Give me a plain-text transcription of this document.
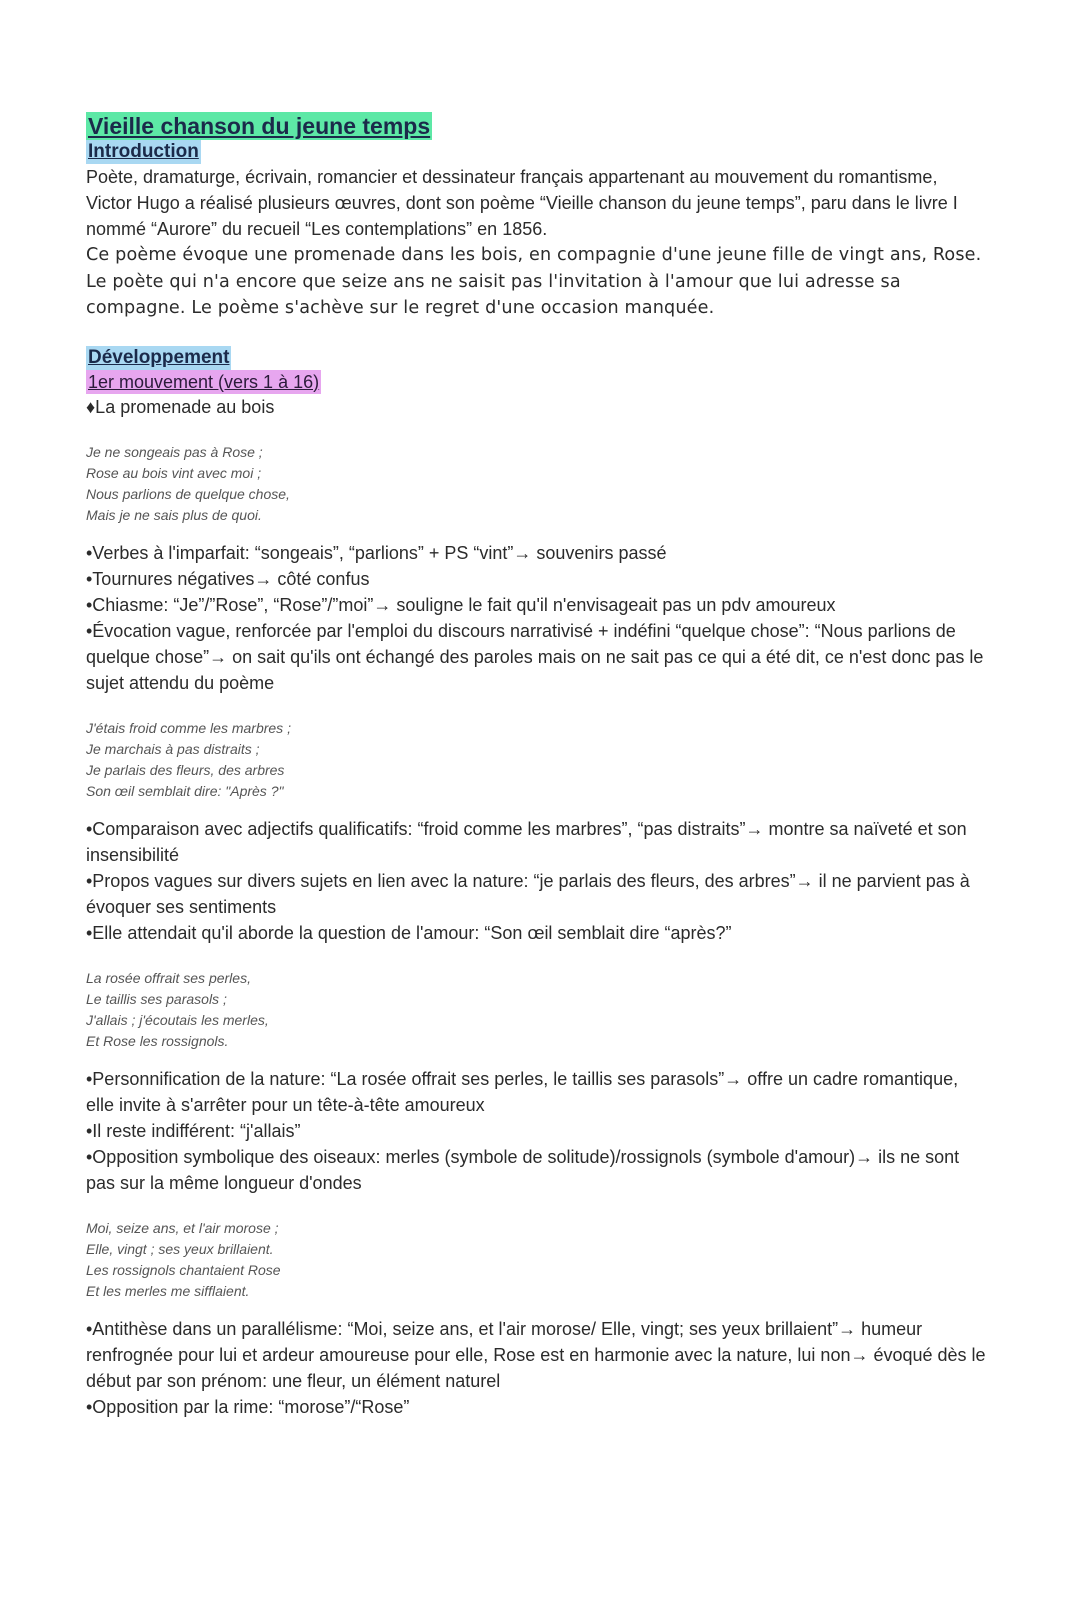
Vieille chanson du jeune temps
Introduction

Poète, dramaturge, écrivain, romancier et dessinateur français appartenant au mouvement du romantisme, Victor Hugo a réalisé plusieurs œuvres, dont son poème “Vieille chanson du jeune temps”, paru dans le livre I nommé “Aurore” du recueil “Les contemplations” en 1856.

Ce poème évoque une promenade dans les bois, en compagnie d'une jeune fille de vingt ans, Rose. Le poète qui n'a encore que seize ans ne saisit pas l'invitation à l'amour que lui adresse sa compagne. Le poème s'achève sur le regret d'une occasion manquée.

Développement
1er mouvement (vers 1 à 16)

♦La promenade au bois

Je ne songeais pas à Rose ;
Rose au bois vint avec moi ;
Nous parlions de quelque chose,
Mais je ne sais plus de quoi.

•Verbes à l'imparfait: “songeais”, “parlions” + PS “vint”→ souvenirs passé

•Tournures négatives→ côté confus

•Chiasme: “Je”/”Rose”, “Rose”/”moi”→ souligne le fait qu'il n'envisageait pas un pdv amoureux

•Évocation vague, renforcée par l'emploi du discours narrativisé + indéfini “quelque chose”: “Nous parlions de quelque chose”→ on sait qu'ils ont échangé des paroles mais on ne sait pas ce qui a été dit, ce n'est donc pas le sujet attendu du poème

J'étais froid comme les marbres ;
Je marchais à pas distraits ;
Je parlais des fleurs, des arbres
Son œil semblait dire: "Après ?"

•Comparaison avec adjectifs qualificatifs: “froid comme les marbres”, “pas distraits”→ montre sa naïveté et son insensibilité

•Propos vagues sur divers sujets en lien avec la nature: “je parlais des fleurs, des arbres”→ il ne parvient pas à évoquer ses sentiments

•Elle attendait qu'il aborde la question de l'amour: “Son œil semblait dire “après?”

La rosée offrait ses perles,
Le taillis ses parasols ;
J'allais ; j'écoutais les merles,
Et Rose les rossignols.

•Personnification de la nature: “La rosée offrait ses perles, le taillis ses parasols”→ offre un cadre romantique, elle invite à s'arrêter pour un tête-à-tête amoureux

•Il reste indifférent: “j'allais”

•Opposition symbolique des oiseaux: merles (symbole de solitude)/rossignols (symbole d'amour)→ ils ne sont pas sur la même longueur d'ondes

Moi, seize ans, et l'air morose ;
Elle, vingt ; ses yeux brillaient.
Les rossignols chantaient Rose
Et les merles me sifflaient.

•Antithèse dans un parallélisme: “Moi, seize ans, et l'air morose/ Elle, vingt; ses yeux brillaient”→ humeur renfrognée pour lui et ardeur amoureuse pour elle, Rose est en harmonie avec la nature, lui non→ évoqué dès le début par son prénom: une fleur, un élément naturel

•Opposition par la rime: “morose”/“Rose”
